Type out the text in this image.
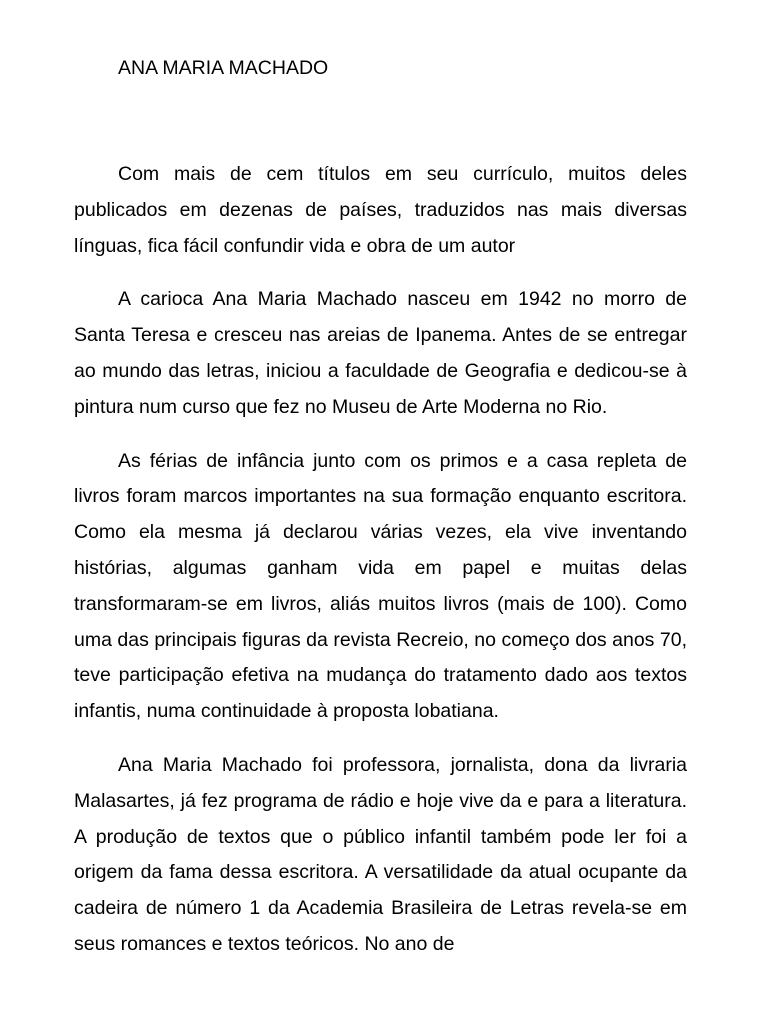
ANA MARIA MACHADO

Com mais de cem títulos em seu currículo, muitos deles publicados em dezenas de países, traduzidos nas mais diversas línguas, fica fácil confundir vida e obra de um autor

A carioca Ana Maria Machado nasceu em 1942 no morro de Santa Teresa e cresceu nas areias de Ipanema. Antes de se entregar ao mundo das letras, iniciou a faculdade de Geografia e dedicou-se à pintura num curso que fez no Museu de Arte Moderna no Rio.

As férias de infância junto com os primos e a casa repleta de livros foram marcos importantes na sua formação enquanto escritora. Como ela mesma já declarou várias vezes, ela vive inventando histórias, algumas ganham vida em papel e muitas delas transformaram-se em livros, aliás muitos livros (mais de 100). Como uma das principais figuras da revista Recreio, no começo dos anos 70, teve participação efetiva na mudança do tratamento dado aos textos infantis, numa continuidade à proposta lobatiana.

Ana Maria Machado foi professora, jornalista, dona da livraria Malasartes, já fez programa de rádio e hoje vive da e para a literatura. A produção de textos que o público infantil também pode ler foi a origem da fama dessa escritora. A versatilidade da atual ocupante da cadeira de número 1 da Academia Brasileira de Letras revela-se em seus romances e textos teóricos. No ano de
